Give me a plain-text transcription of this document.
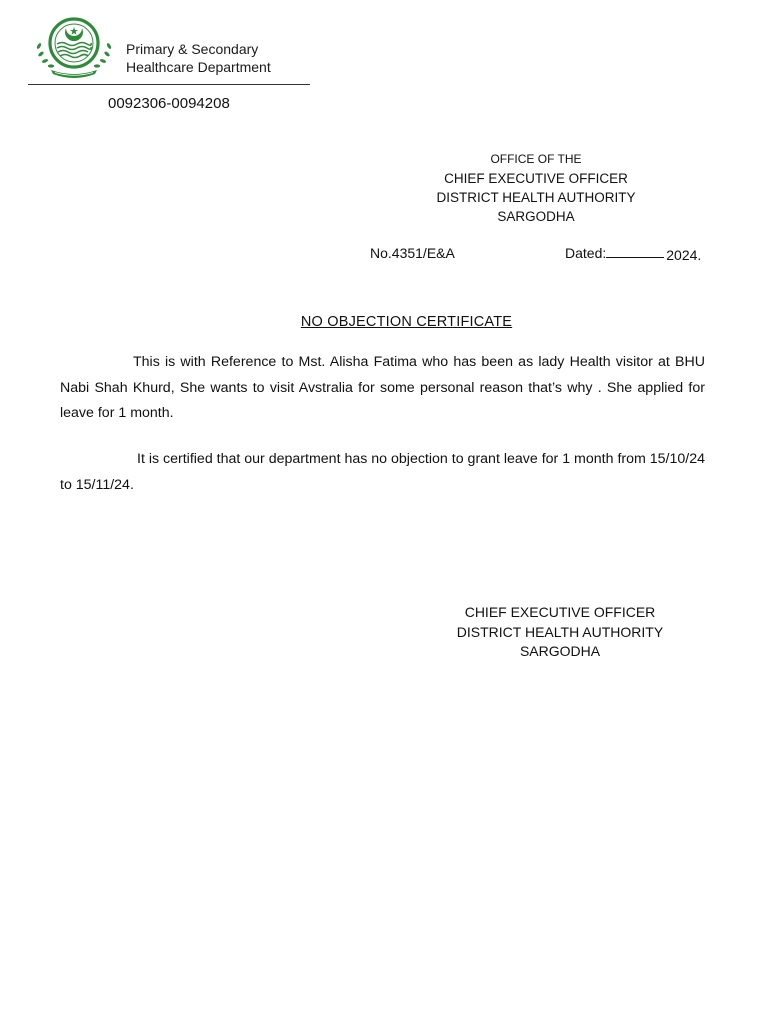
Primary & Secondary
Healthcare Department
0092306-0094208
OFFICE OF THE
CHIEF EXECUTIVE OFFICER
DISTRICT HEALTH AUTHORITY
SARGODHA
No.4351/E&A	Dated:	2024.
NO OBJECTION CERTIFICATE
This is with Reference to Mst. Alisha Fatima who has been as lady Health visitor at BHU Nabi Shah Khurd, She wants to visit Avstralia for some personal reason that’s why . She applied for leave for 1 month.
It is certified that our department has no objection to grant leave for 1 month from 15/10/24 to 15/11/24.
CHIEF EXECUTIVE OFFICER
DISTRICT HEALTH AUTHORITY
SARGODHA
